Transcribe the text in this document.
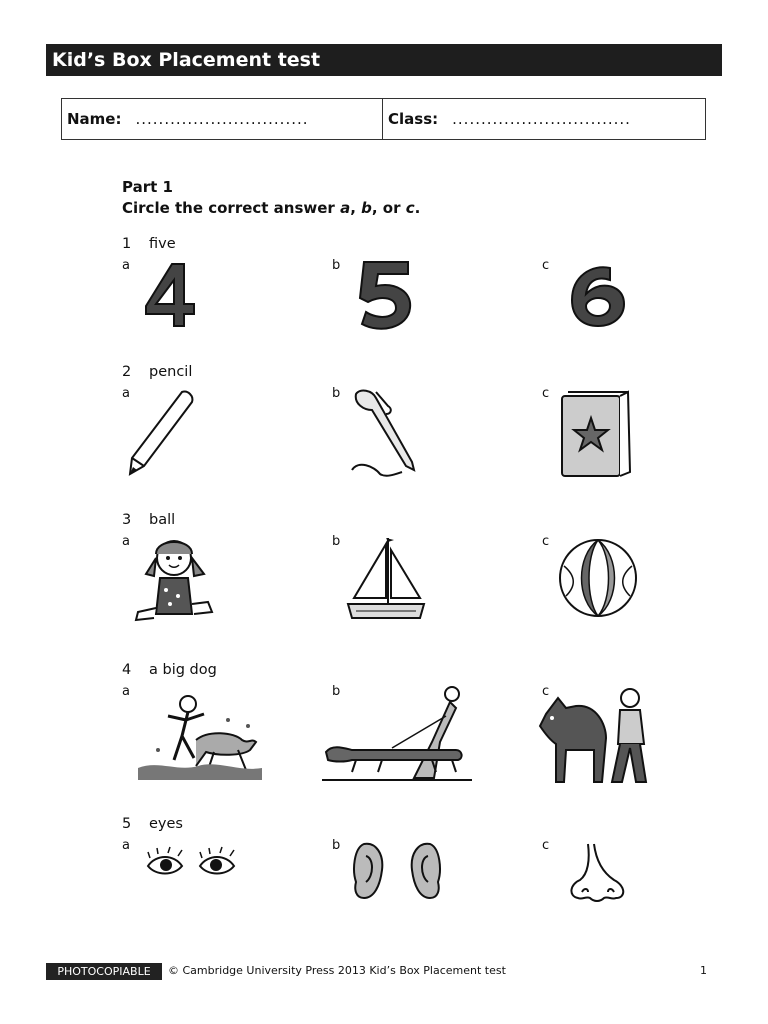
Kid’s Box Placement test
Name: ..............................	Class: ...............................
Part 1
Circle the correct answer a, b, or c.
1	five
a	b	c
2	pencil
a	b	c
3	ball
a	b	c
4	a big dog
a	b	c
5	eyes
a	b	c
PHOTOCOPIABLE	© Cambridge University Press 2013 Kid’s Box Placement test	1
